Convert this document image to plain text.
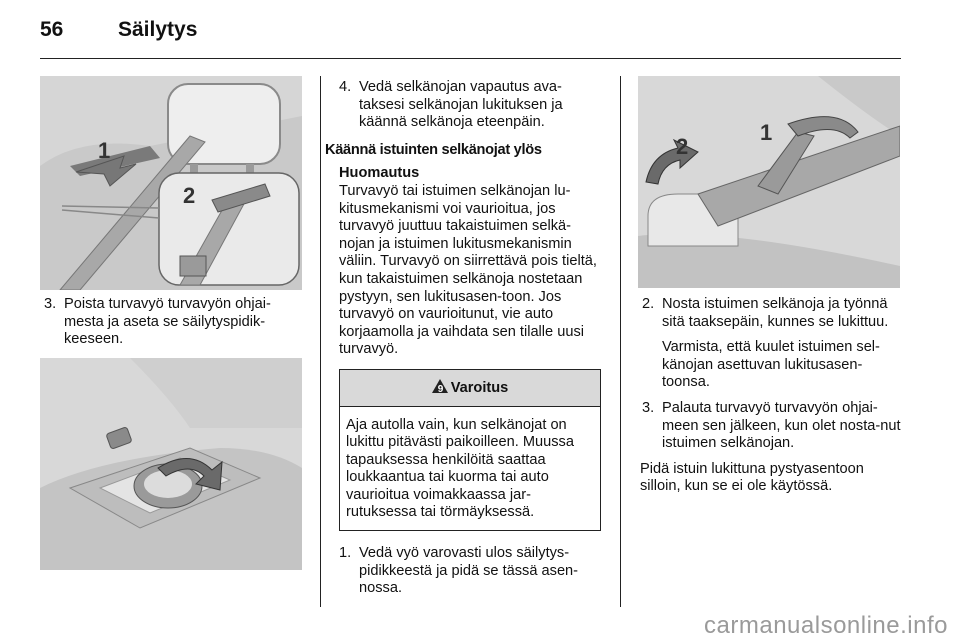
56	Säilytys
1
2
3. Poista turvavyö turvavyön ohjai-mesta ja aseta se säilytyspidik-keeseen.
4. Vedä selkänojan vapautus ava-taksesi selkänojan lukituksen ja käännä selkänoja eteenpäin.
Käännä istuinten selkänojat ylös
Huomautus
Turvavyö tai istuimen selkänojan lu-kitusmekanismi voi vaurioitua, jos turvavyö juuttuu takaistuimen selkä-nojan ja istuimen lukitusmekanismin väliin. Turvavyö on siirrettävä pois tieltä, kun takaistuimen selkänoja nostetaan pystyyn, sen lukitusasen-toon. Jos turvavyö on vaurioitunut, vie auto korjaamolla ja vaihdata sen tilalle uusi turvavyö.
9 Varoitus
Aja autolla vain, kun selkänojat on lukittu pitävästi paikoilleen. Muussa tapauksessa henkilöitä saattaa loukkaantua tai kuorma tai auto vaurioitua voimakkaassa jar-rutuksessa tai törmäyksessä.
1. Vedä vyö varovasti ulos säilytys-pidikkeestä ja pidä se tässä asen-nossa.
2
1
2. Nosta istuimen selkänoja ja työnnä sitä taaksepäin, kunnes se lukittuu.
Varmista, että kuulet istuimen sel-känojan asettuvan lukitusasen-toonsa.
3. Palauta turvavyö turvavyön ohjai-meen sen jälkeen, kun olet nosta-nut istuimen selkänojan.
Pidä istuin lukittuna pystyasentoon silloin, kun se ei ole käytössä.
carmanualsonline.info
